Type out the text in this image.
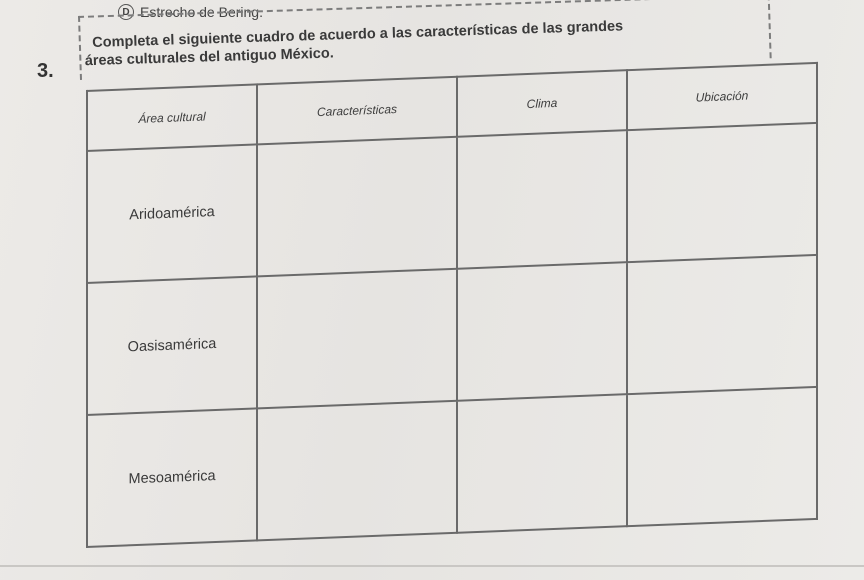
D Estrecho de Bering.
3.
Completa el siguiente cuadro de acuerdo a las características de las grandes
áreas culturales del antiguo México.
Área cultural	Características	Clima	Ubicación
Aridoamérica			
Oasisamérica			
Mesoamérica			
